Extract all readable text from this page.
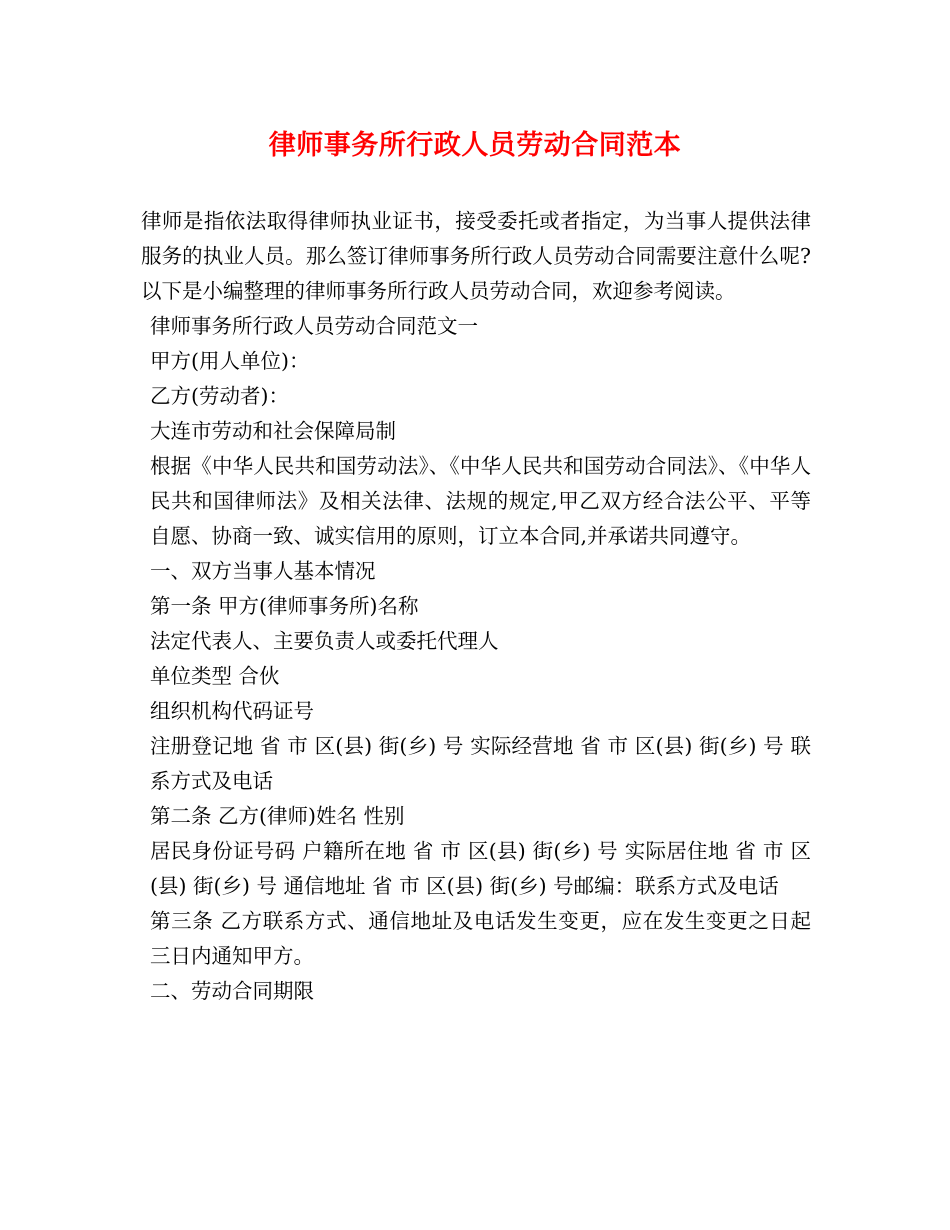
律师事务所行政人员劳动合同范本

律师是指依法取得律师执业证书，接受委托或者指定，为当事人提供法律服务的执业人员。那么签订律师事务所行政人员劳动合同需要注意什么呢?以下是小编整理的律师事务所行政人员劳动合同，欢迎参考阅读。

律师事务所行政人员劳动合同范文一

甲方(用人单位)：

乙方(劳动者)：

大连市劳动和社会保障局制

根据《中华人民共和国劳动法》、《中华人民共和国劳动合同法》、《中华人民共和国律师法》及相关法律、法规的规定,甲乙双方经合法公平、平等自愿、协商一致、诚实信用的原则，订立本合同,并承诺共同遵守。

一、双方当事人基本情况

第一条 甲方(律师事务所)名称

法定代表人、主要负责人或委托代理人

单位类型 合伙

组织机构代码证号

注册登记地 省 市 区(县) 街(乡) 号 实际经营地 省 市 区(县) 街(乡) 号 联系方式及电话

第二条 乙方(律师)姓名 性别

居民身份证号码 户籍所在地 省 市 区(县) 街(乡) 号 实际居住地 省 市 区(县) 街(乡) 号 通信地址 省 市 区(县) 街(乡) 号邮编：联系方式及电话

第三条 乙方联系方式、通信地址及电话发生变更，应在发生变更之日起三日内通知甲方。

二、劳动合同期限
